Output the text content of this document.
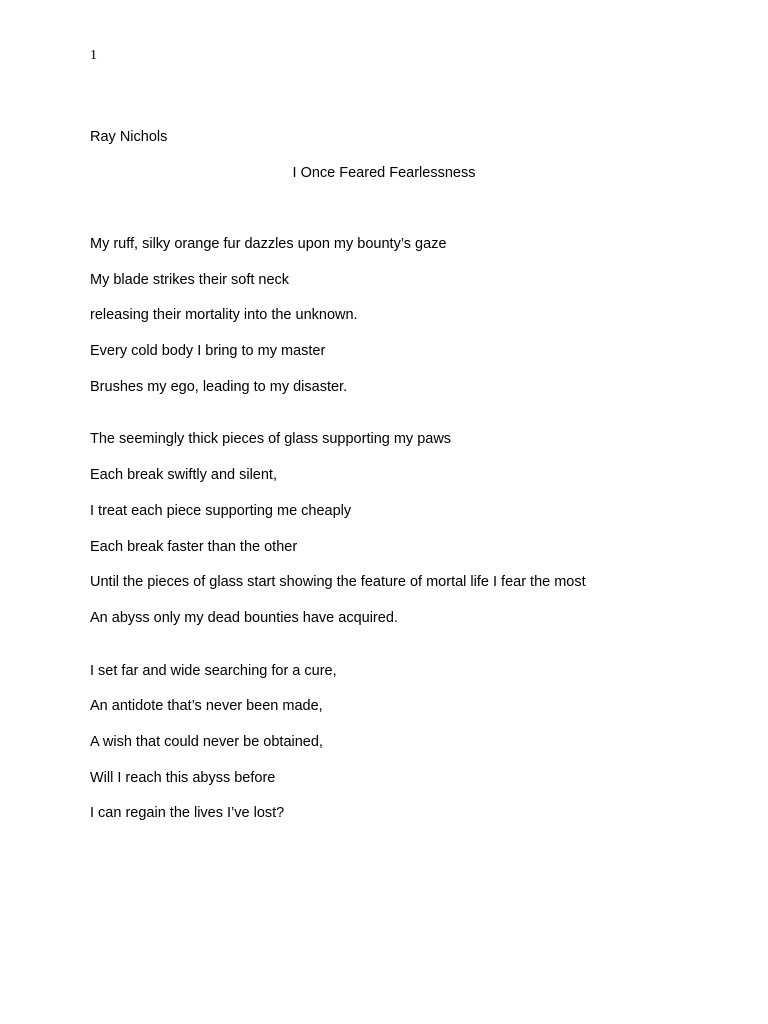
1
Ray Nichols
I Once Feared Fearlessness
My ruff, silky orange fur dazzles upon my bounty’s gaze
My blade strikes their soft neck
releasing their mortality into the unknown.
Every cold body I bring to my master
Brushes my ego, leading to my disaster.
The seemingly thick pieces of glass supporting my paws
Each break swiftly and silent,
I treat each piece supporting me cheaply
Each break faster than the other
Until the pieces of glass start showing the feature of mortal life I fear the most
An abyss only my dead bounties have acquired.
I set far and wide searching for a cure,
An antidote that’s never been made,
A wish that could never be obtained,
Will I reach this abyss before
I can regain the lives I’ve lost?
